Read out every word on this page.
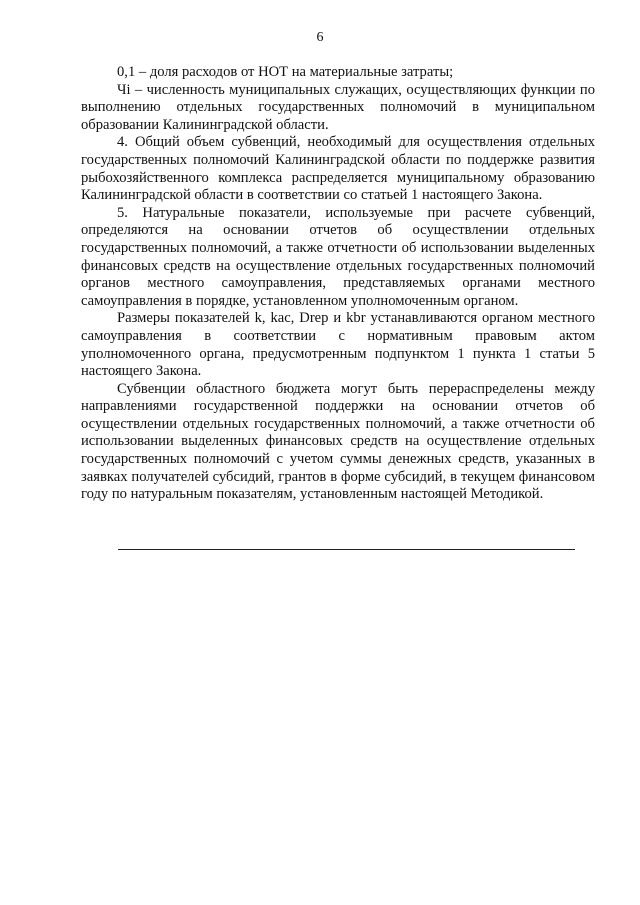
6

0,1 – доля расходов от НОТ на материальные затраты;

Чi – численность муниципальных служащих, осуществляющих функции по выполнению отдельных государственных полномочий в муниципальном образовании Калининградской области.

4. Общий объем субвенций, необходимый для осуществления отдельных государственных полномочий Калининградской области по поддержке развития рыбохозяйственного комплекса распределяется муниципальному образованию Калининградской области в соответствии со статьей 1 настоящего Закона.

5. Натуральные показатели, используемые при расчете субвенций, определяются на основании отчетов об осуществлении отдельных государственных полномочий, а также отчетности об использовании выделенных финансовых средств на осуществление отдельных государственных полномочий органов местного самоуправления, представляемых органами местного самоуправления в порядке, установленном уполномоченным органом.

Размеры показателей k, kac, Drep и kbr устанавливаются органом местного самоуправления в соответствии с нормативным правовым актом уполномоченного органа, предусмотренным подпунктом 1 пункта 1 статьи 5 настоящего Закона.

Субвенции областного бюджета могут быть перераспределены между направлениями государственной поддержки на основании отчетов об осуществлении отдельных государственных полномочий, а также отчетности об использовании выделенных финансовых средств на осуществление отдельных государственных полномочий с учетом суммы денежных средств, указанных в заявках получателей субсидий, грантов в форме субсидий, в текущем финансовом году по натуральным показателям, установленным настоящей Методикой.
